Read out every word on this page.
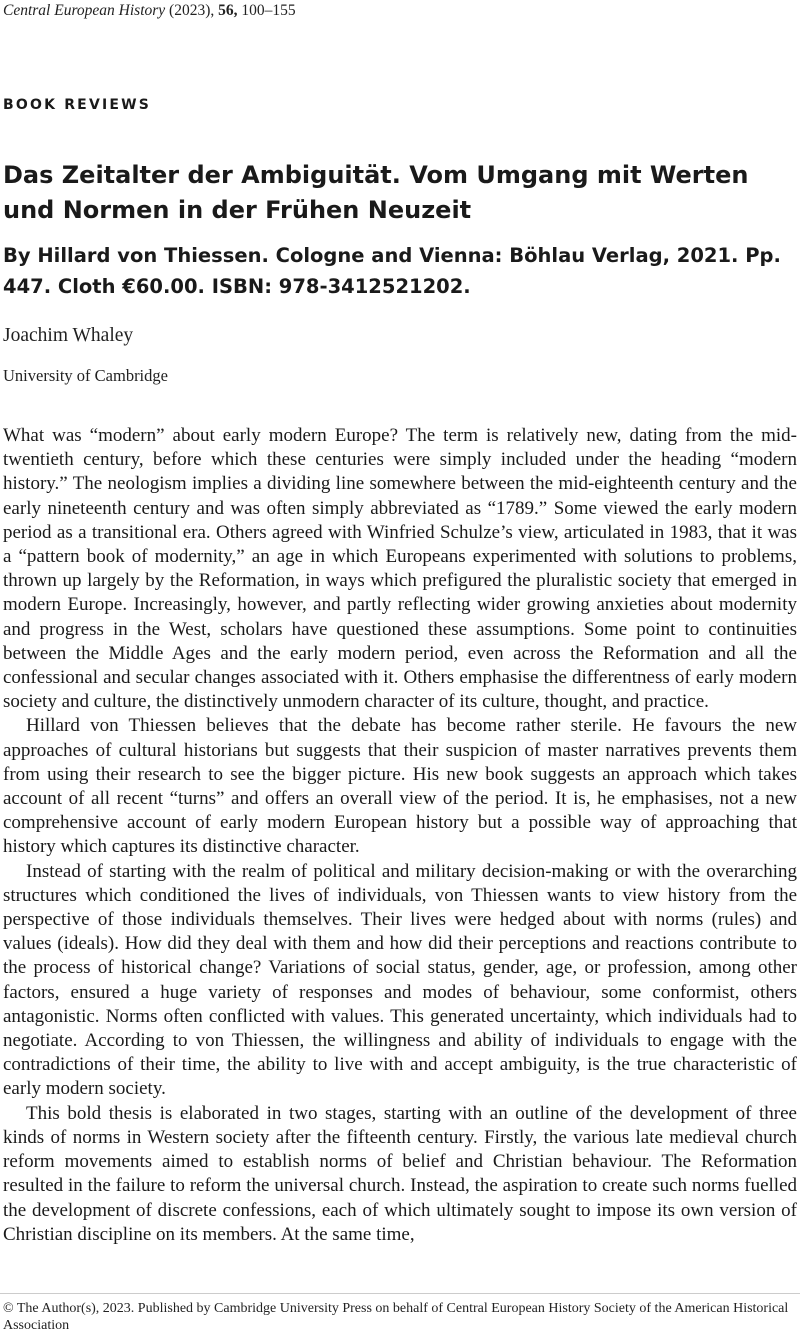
Central European History (2023), 56, 100–155
BOOK REVIEWS
Das Zeitalter der Ambiguität. Vom Umgang mit Werten und Normen in der Frühen Neuzeit
By Hillard von Thiessen. Cologne and Vienna: Böhlau Verlag, 2021. Pp. 447. Cloth €60.00. ISBN: 978-3412521202.
Joachim Whaley
University of Cambridge

What was “modern” about early modern Europe? The term is relatively new, dating from the mid-twentieth century, before which these centuries were simply included under the heading “modern history.” The neologism implies a dividing line somewhere between the mid-eighteenth century and the early nineteenth century and was often simply abbreviated as “1789.” Some viewed the early modern period as a transitional era. Others agreed with Winfried Schulze’s view, articulated in 1983, that it was a “pattern book of modernity,” an age in which Europeans experimented with solutions to problems, thrown up largely by the Reformation, in ways which prefigured the pluralistic society that emerged in modern Europe. Increasingly, however, and partly reflecting wider growing anxieties about modernity and progress in the West, scholars have questioned these assumptions. Some point to continuities between the Middle Ages and the early modern period, even across the Reformation and all the confessional and secular changes associated with it. Others emphasise the differentness of early modern society and culture, the distinctively unmodern character of its culture, thought, and practice.

Hillard von Thiessen believes that the debate has become rather sterile. He favours the new approaches of cultural historians but suggests that their suspicion of master narratives prevents them from using their research to see the bigger picture. His new book suggests an approach which takes account of all recent “turns” and offers an overall view of the period. It is, he emphasises, not a new comprehensive account of early modern European history but a possible way of approaching that history which captures its distinctive character.

Instead of starting with the realm of political and military decision-making or with the overarching structures which conditioned the lives of individuals, von Thiessen wants to view history from the perspective of those individuals themselves. Their lives were hedged about with norms (rules) and values (ideals). How did they deal with them and how did their perceptions and reactions contribute to the process of historical change? Variations of social status, gender, age, or profession, among other factors, ensured a huge variety of responses and modes of behaviour, some conformist, others antagonistic. Norms often conflicted with values. This generated uncertainty, which individuals had to negotiate. According to von Thiessen, the willingness and ability of individuals to engage with the contradictions of their time, the ability to live with and accept ambiguity, is the true characteristic of early modern society.

This bold thesis is elaborated in two stages, starting with an outline of the development of three kinds of norms in Western society after the fifteenth century. Firstly, the various late medieval church reform movements aimed to establish norms of belief and Christian behaviour. The Reformation resulted in the failure to reform the universal church. Instead, the aspiration to create such norms fuelled the development of discrete confessions, each of which ultimately sought to impose its own version of Christian discipline on its members. At the same time,

© The Author(s), 2023. Published by Cambridge University Press on behalf of Central European History Society of the American Historical Association
